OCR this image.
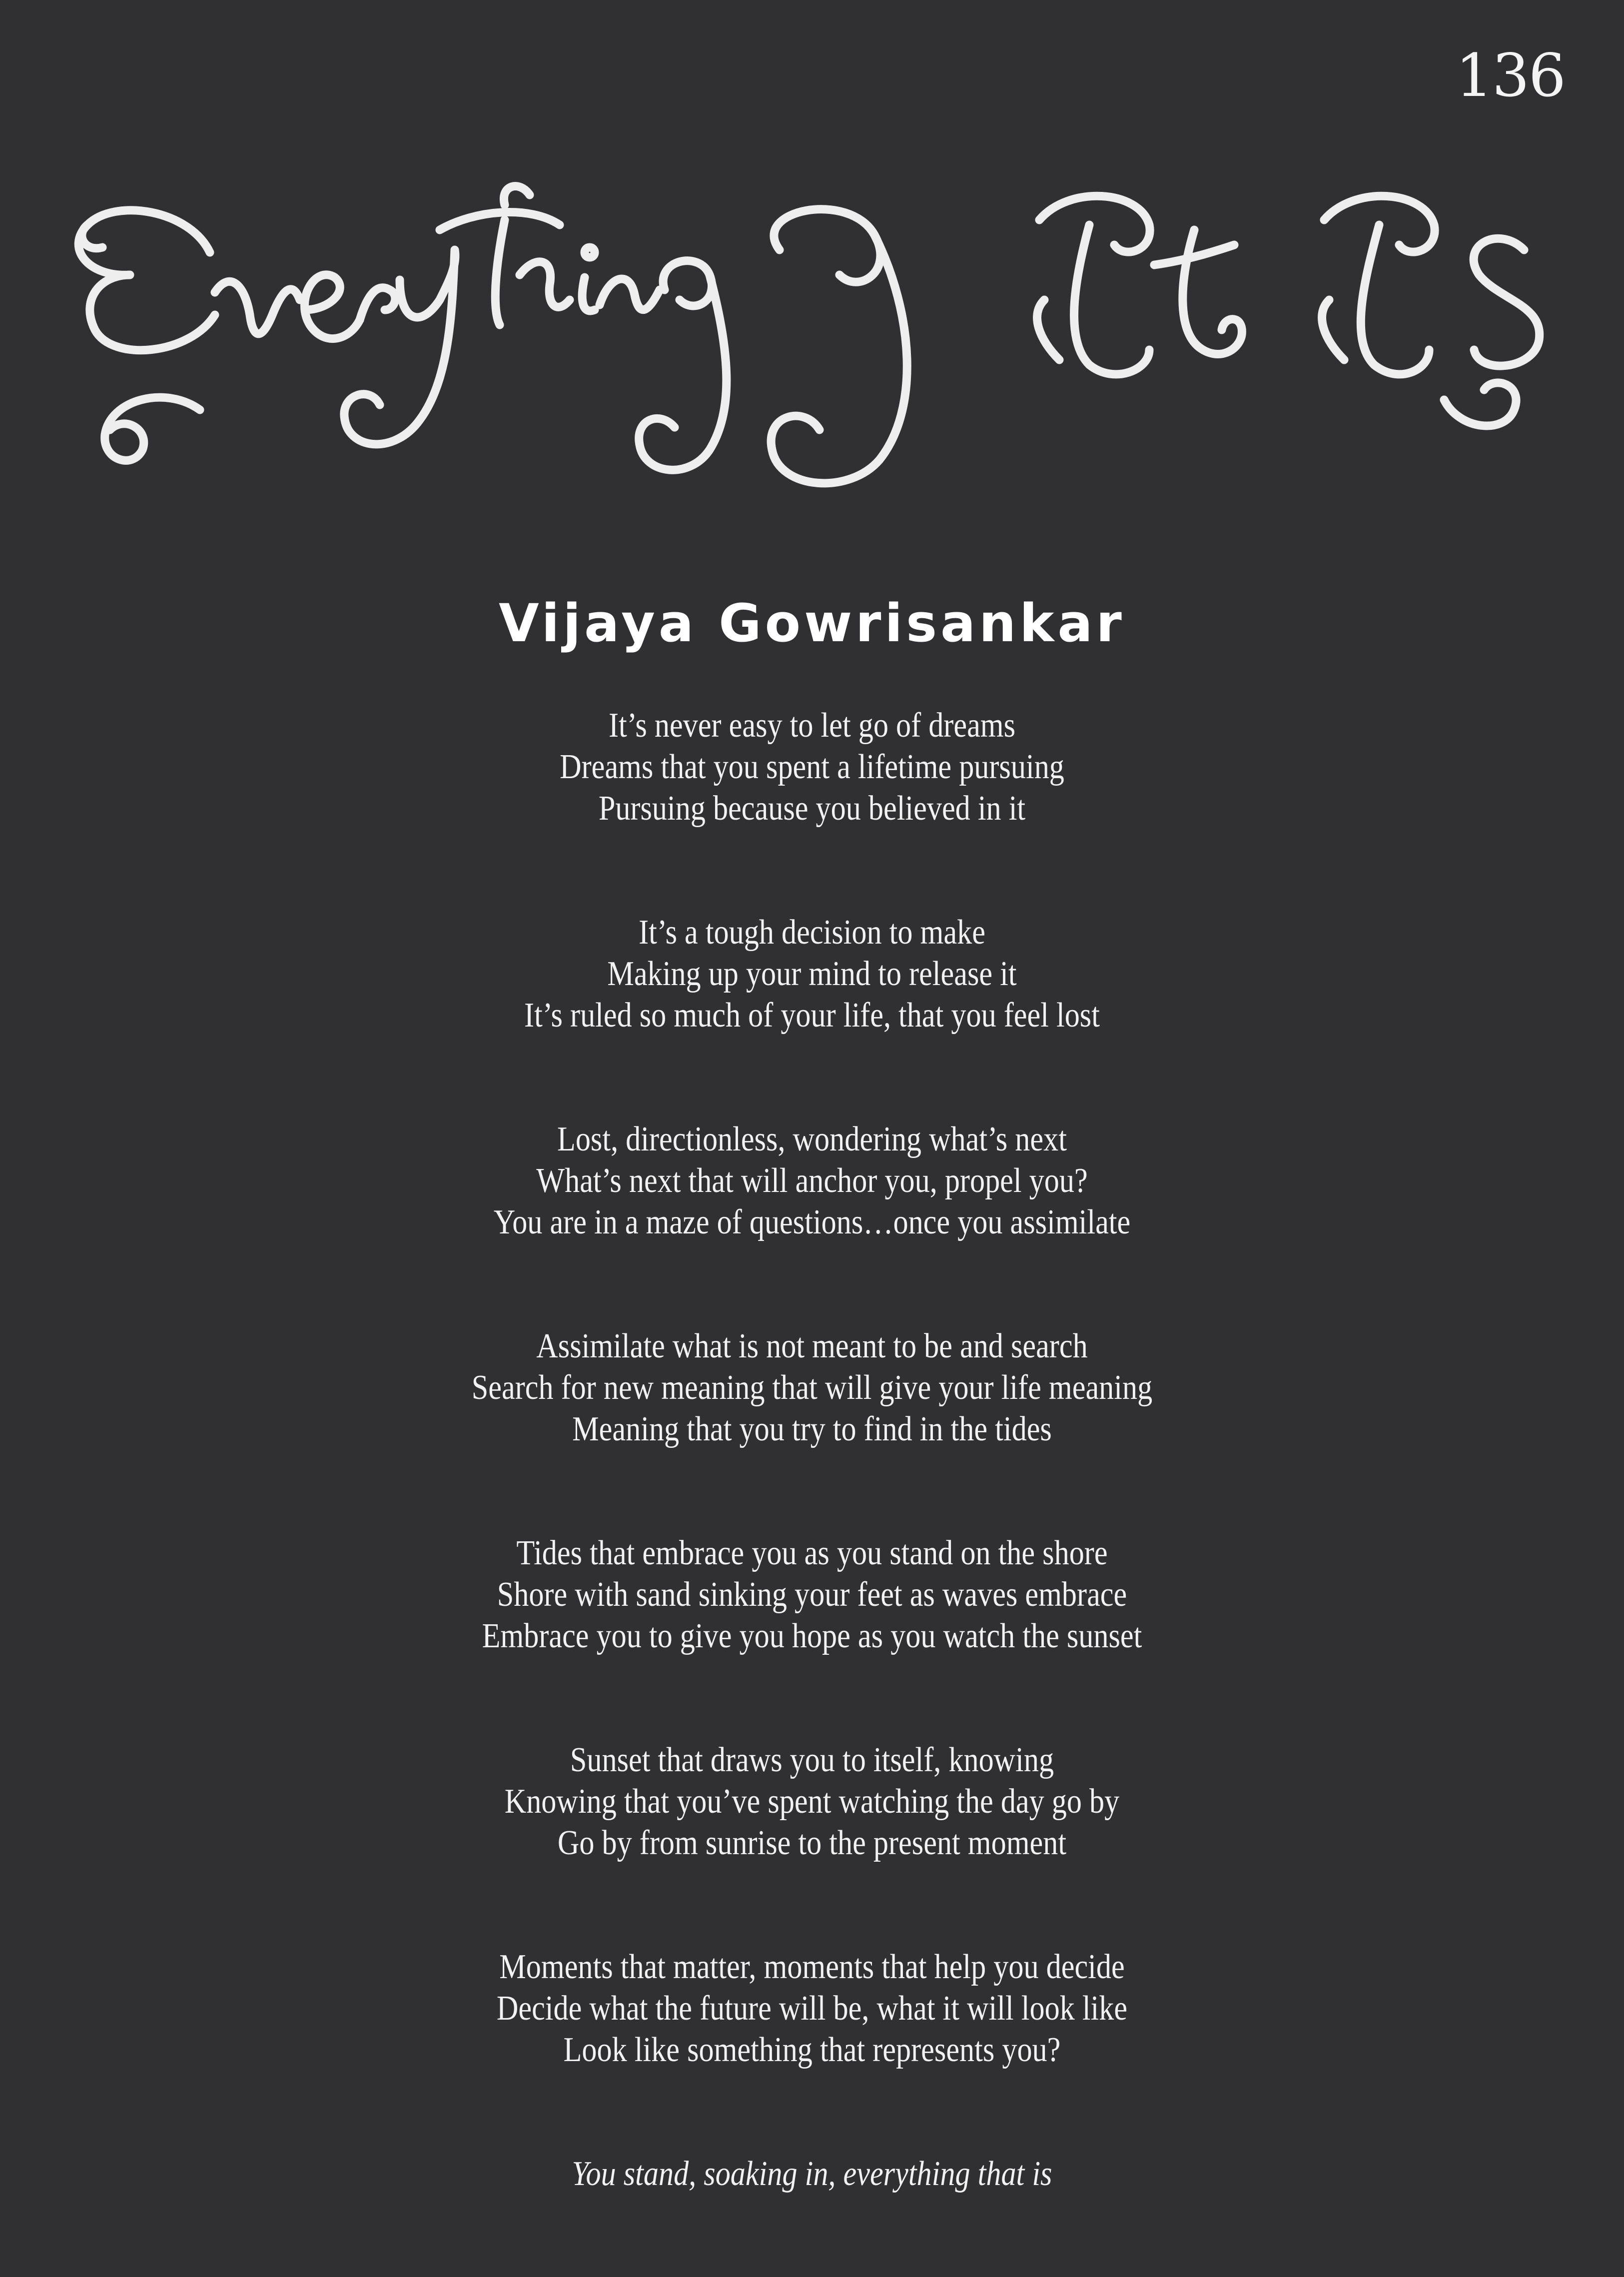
136
Vijaya Gowrisankar
It’s never easy to let go of dreams
Dreams that you spent a lifetime pursuing
Pursuing because you believed in it
It’s a tough decision to make
Making up your mind to release it
It’s ruled so much of your life, that you feel lost
Lost, directionless, wondering what’s next
What’s next that will anchor you, propel you?
You are in a maze of questions…once you assimilate
Assimilate what is not meant to be and search
Search for new meaning that will give your life meaning
Meaning that you try to find in the tides
Tides that embrace you as you stand on the shore
Shore with sand sinking your feet as waves embrace
Embrace you to give you hope as you watch the sunset
Sunset that draws you to itself, knowing
Knowing that you’ve spent watching the day go by
Go by from sunrise to the present moment
Moments that matter, moments that help you decide
Decide what the future will be, what it will look like
Look like something that represents you?
You stand, soaking in, everything that is
